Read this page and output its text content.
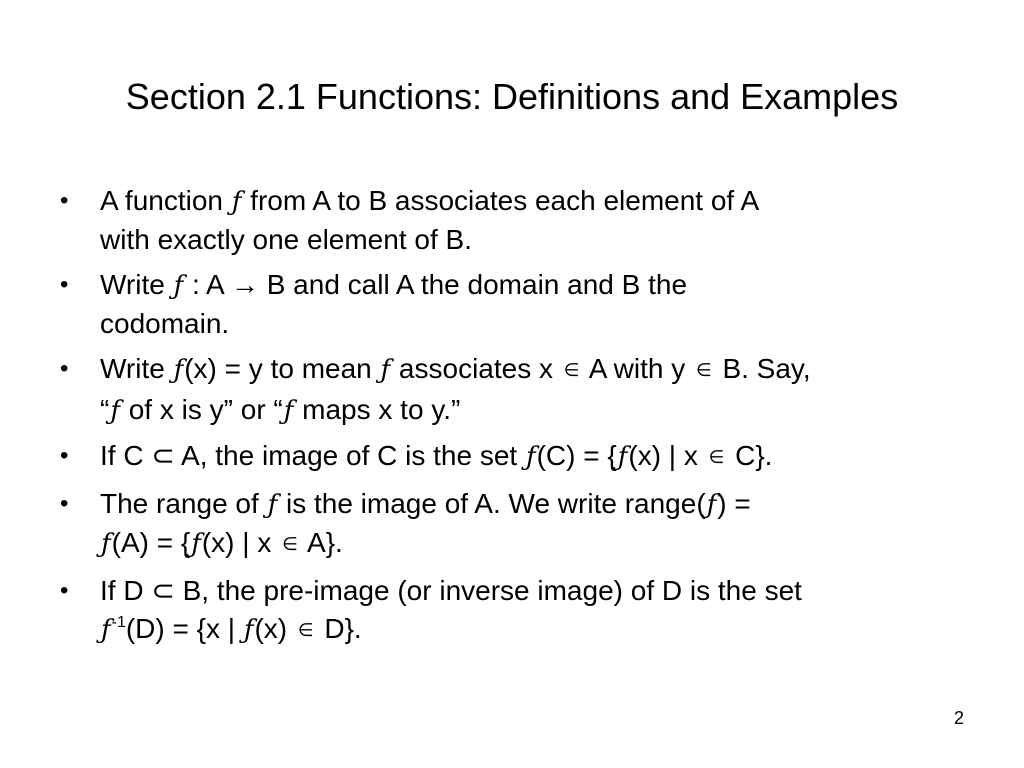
Section 2.1 Functions: Definitions and Examples
• A function ƒ from A to B associates each element of A
with exactly one element of B.
• Write ƒ : A → B and call A the domain and B the
codomain.
• Write ƒ(x) = y to mean ƒ associates x ∈ A with y ∈ B. Say,
“ƒ of x is y” or “ƒ maps x to y.”
• If C ⊂ A, the image of C is the set ƒ(C) = {ƒ(x) | x ∈ C}.
• The range of ƒ is the image of A. We write range(ƒ) =
ƒ(A) = {ƒ(x) | x ∈ A}.
• If D ⊂ B, the pre-image (or inverse image) of D is the set
$ƒ^{-1}(D) = \{x$ | ƒ(x) ∈ D}.
2
